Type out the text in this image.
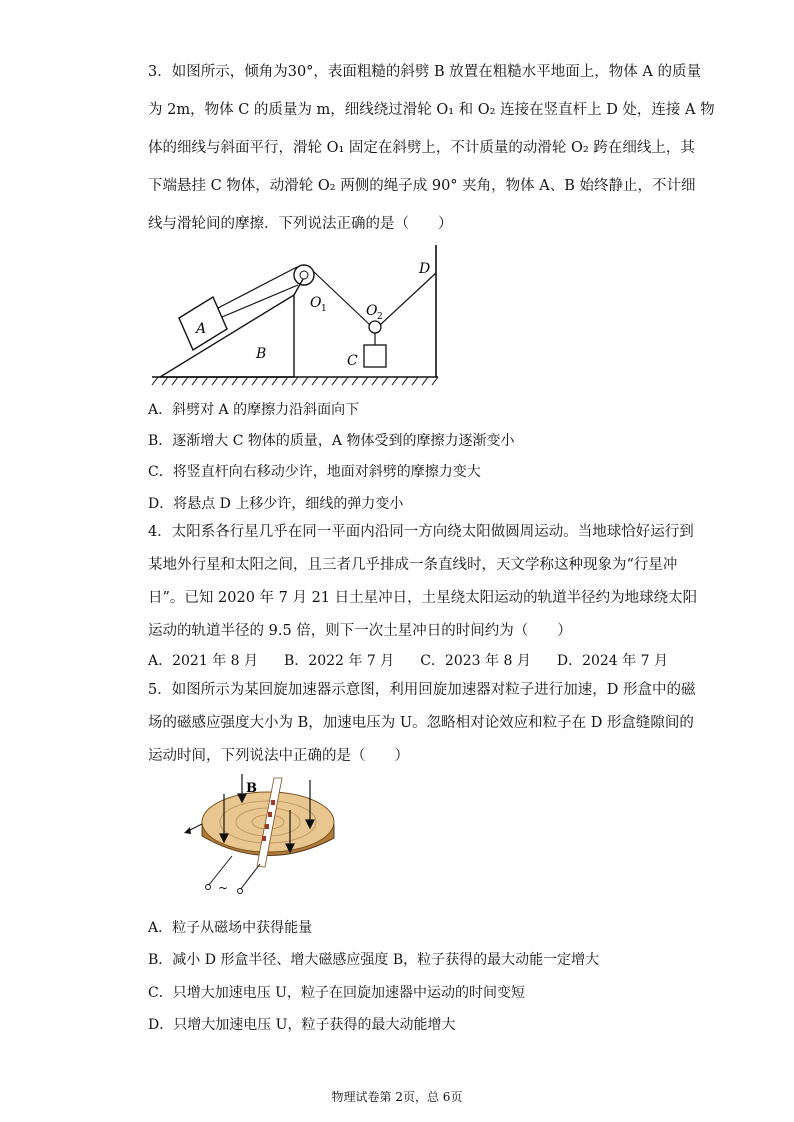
3．如图所示，倾角为30°，表面粗糙的斜劈 B 放置在粗糙水平地面上，物体 A 的质量
为 2m，物体 C 的质量为 m，细线绕过滑轮 O₁ 和 O₂ 连接在竖直杆上 D 处，连接 A 物
体的细线与斜面平行，滑轮 O₁ 固定在斜劈上，不计质量的动滑轮 O₂ 跨在细线上，其
下端悬挂 C 物体，动滑轮 O₂ 两侧的绳子成 90° 夹角，物体 A、B 始终静止，不计细
线与滑轮间的摩擦．下列说法正确的是（　　）
A
B	C
D
O 1	O 2
A．斜劈对 A 的摩擦力沿斜面向下
B．逐渐增大 C 物体的质量，A 物体受到的摩擦力逐渐变小
C．将竖直杆向右移动少许，地面对斜劈的摩擦力变大
D．将悬点 D 上移少许，细线的弹力变小
4．太阳系各行星几乎在同一平面内沿同一方向绕太阳做圆周运动。当地球恰好运行到
某地外行星和太阳之间，且三者几乎排成一条直线时，天文学称这种现象为“行星冲
日”。已知 2020 年 7 月 21 日土星冲日，土星绕太阳运动的轨道半径约为地球绕太阳
运动的轨道半径的 9.5 倍，则下一次土星冲日的时间约为（　　）
A．2021 年 8 月 B．2022 年 7 月 C．2023 年 8 月 D．2024 年 7 月
5．如图所示为某回旋加速器示意图，利用回旋加速器对粒子进行加速，D 形盒中的磁
场的磁感应强度大小为 B，加速电压为 U。忽略相对论效应和粒子在 D 形盒缝隙间的
运动时间，下列说法中正确的是（　　）
B
~
A．粒子从磁场中获得能量
B．减小 D 形盒半径、增大磁感应强度 B，粒子获得的最大动能一定增大
C．只增大加速电压 U，粒子在回旋加速器中运动的时间变短
D．只增大加速电压 U，粒子获得的最大动能增大
物理试卷第 2页，总 6页
